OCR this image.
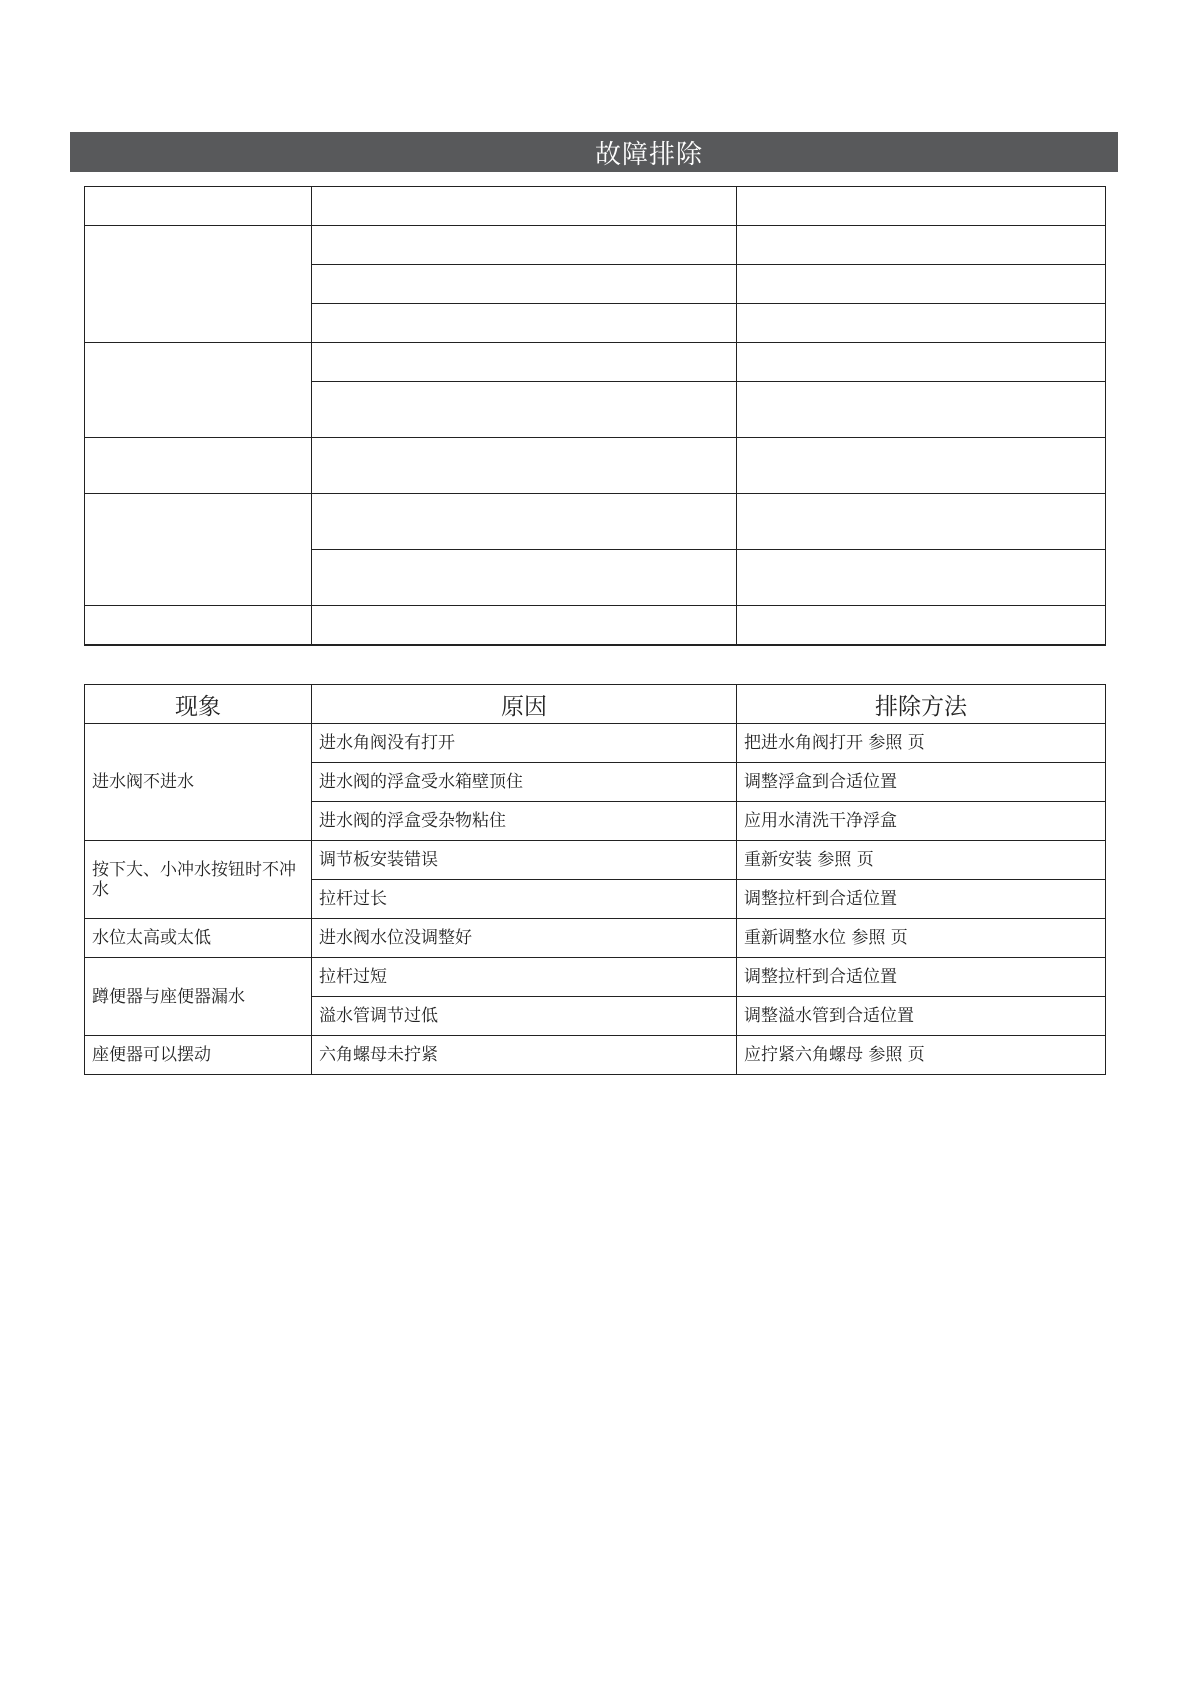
故障排除

现象	原因	排除方法
进水阀不进水	进水角阀没有打开	把进水角阀打开 参照 页
	进水阀的浮盒受水箱壁顶住	调整浮盒到合适位置
	进水阀的浮盒受杂物粘住	应用水清洗干净浮盒
按下大、小冲水按钮时不冲水	调节板安装错误	重新安装 参照 页
	拉杆过长	调整拉杆到合适位置
水位太高或太低	进水阀水位没调整好	重新调整水位 参照 页
蹲便器与座便器漏水	拉杆过短	调整拉杆到合适位置
	溢水管调节过低	调整溢水管到合适位置
座便器可以摆动	六角螺母未拧紧	应拧紧六角螺母 参照 页
